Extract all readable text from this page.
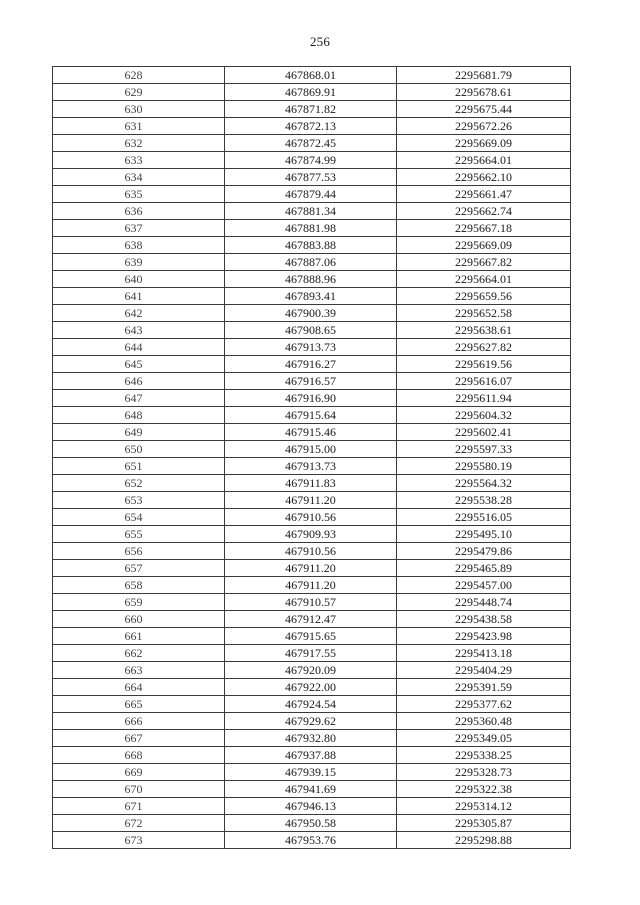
256
628	467868.01	2295681.79
629	467869.91	2295678.61
630	467871.82	2295675.44
631	467872.13	2295672.26
632	467872.45	2295669.09
633	467874.99	2295664.01
634	467877.53	2295662.10
635	467879.44	2295661.47
636	467881.34	2295662.74
637	467881.98	2295667.18
638	467883.88	2295669.09
639	467887.06	2295667.82
640	467888.96	2295664.01
641	467893.41	2295659.56
642	467900.39	2295652.58
643	467908.65	2295638.61
644	467913.73	2295627.82
645	467916.27	2295619.56
646	467916.57	2295616.07
647	467916.90	2295611.94
648	467915.64	2295604.32
649	467915.46	2295602.41
650	467915.00	2295597.33
651	467913.73	2295580.19
652	467911.83	2295564.32
653	467911.20	2295538.28
654	467910.56	2295516.05
655	467909.93	2295495.10
656	467910.56	2295479.86
657	467911.20	2295465.89
658	467911.20	2295457.00
659	467910.57	2295448.74
660	467912.47	2295438.58
661	467915.65	2295423.98
662	467917.55	2295413.18
663	467920.09	2295404.29
664	467922.00	2295391.59
665	467924.54	2295377.62
666	467929.62	2295360.48
667	467932.80	2295349.05
668	467937.88	2295338.25
669	467939.15	2295328.73
670	467941.69	2295322.38
671	467946.13	2295314.12
672	467950.58	2295305.87
673	467953.76	2295298.88
